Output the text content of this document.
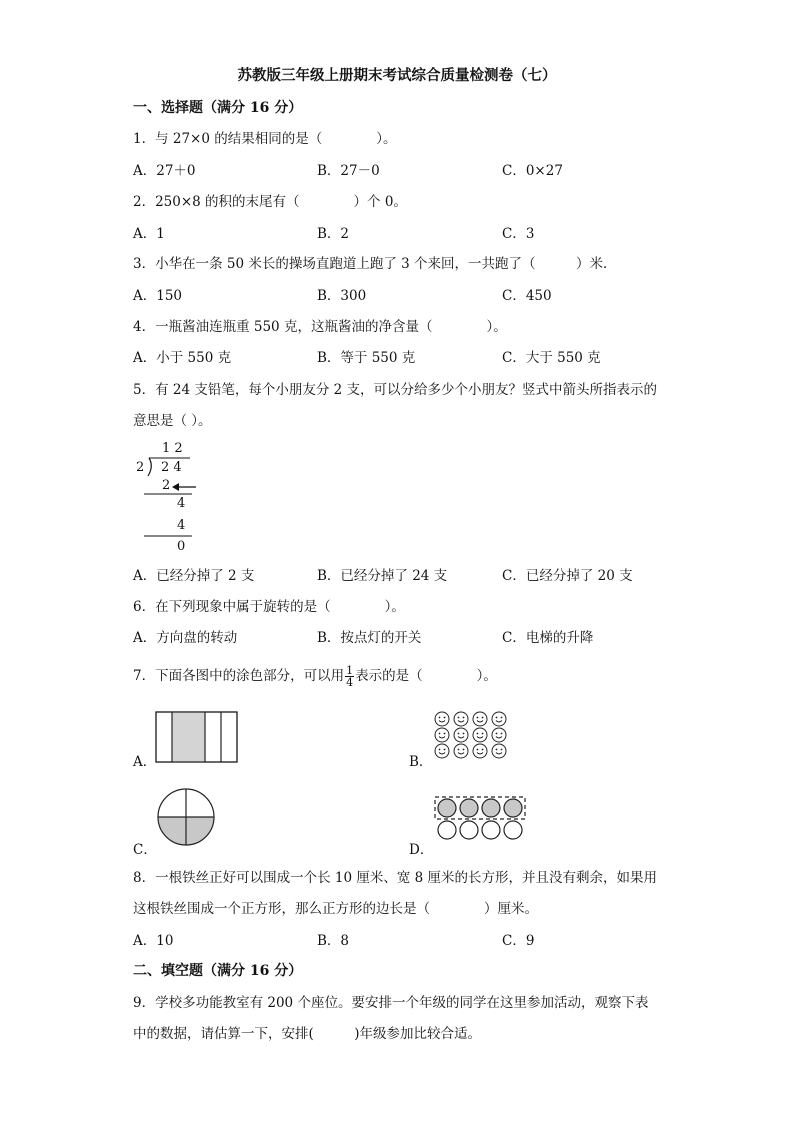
苏教版三年级上册期末考试综合质量检测卷（七）
一、选择题（满分 16 分）
1．与 27×0 的结果相同的是（　　　　）。
A．27＋0	B．27－0	C．0×27
2．250×8 的积的末尾有（　　　　）个 0。
A．1	B．2	C．3
3．小华在一条 50 米长的操场直跑道上跑了 3 个来回，一共跑了（　　　）米．
A．150	B．300	C．450
4．一瓶酱油连瓶重 550 克，这瓶酱油的净含量（　　　　）。
A．小于 550 克	B．等于 550 克	C．大于 550 克
5．有 24 支铅笔，每个小朋友分 2 支，可以分给多少个小朋友？竖式中箭头所指表示的
意思是（ ）。
1 2
2 2 4
2
4
4
0
A．已经分掉了 2 支	B．已经分掉了 24 支	C．已经分掉了 20 支
6．在下列现象中属于旋转的是（　　　　）。
A．方向盘的转动	B．按点灯的开关	C．电梯的升降
7．下面各图中的涂色部分，可以用 $\frac{1}{4}$ 表示的是（　　　　）。
A．	B．
C．	D．
8．一根铁丝正好可以围成一个长 10 厘米、宽 8 厘米的长方形，并且没有剩余，如果用
这根铁丝围成一个正方形，那么正方形的边长是（　　　　）厘米。
A．10	B．8	C．9
二、填空题（满分 16 分）
9．学校多功能教室有 200 个座位。要安排一个年级的同学在这里参加活动，观察下表
中的数据，请估算一下，安排(　　　)年级参加比较合适。
